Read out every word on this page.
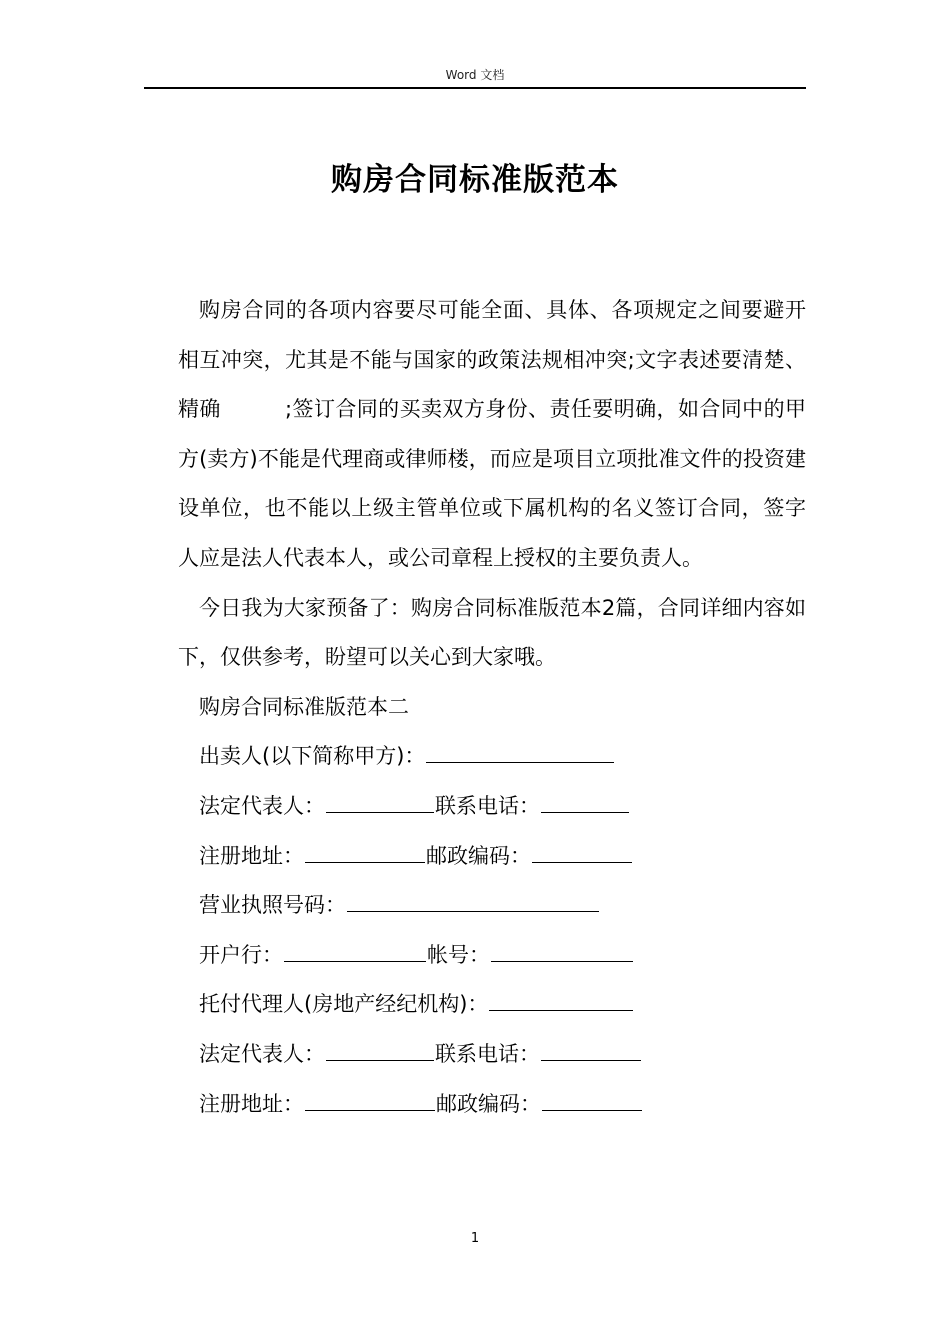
Word 文档
购房合同标准版范本

购房合同的各项内容要尽可能全面、具体、各项规定之间要避开相互冲突，尤其是不能与国家的政策法规相冲突;文字表述要清楚、精确　　　;签订合同的买卖双方身份、责任要明确，如合同中的甲方(卖方)不能是代理商或律师楼，而应是项目立项批准文件的投资建设单位，也不能以上级主管单位或下属机构的名义签订合同，签字人应是法人代表本人，或公司章程上授权的主要负责人。

今日我为大家预备了：购房合同标准版范本2篇，合同详细内容如下，仅供参考，盼望可以关心到大家哦。

购房合同标准版范本二

出卖人(以下简称甲方)：

法定代表人：	联系电话：

注册地址：	邮政编码：

营业执照号码：

开户行：	帐号：

托付代理人(房地产经纪机构)：

法定代表人：	联系电话：

注册地址：	邮政编码：

1
